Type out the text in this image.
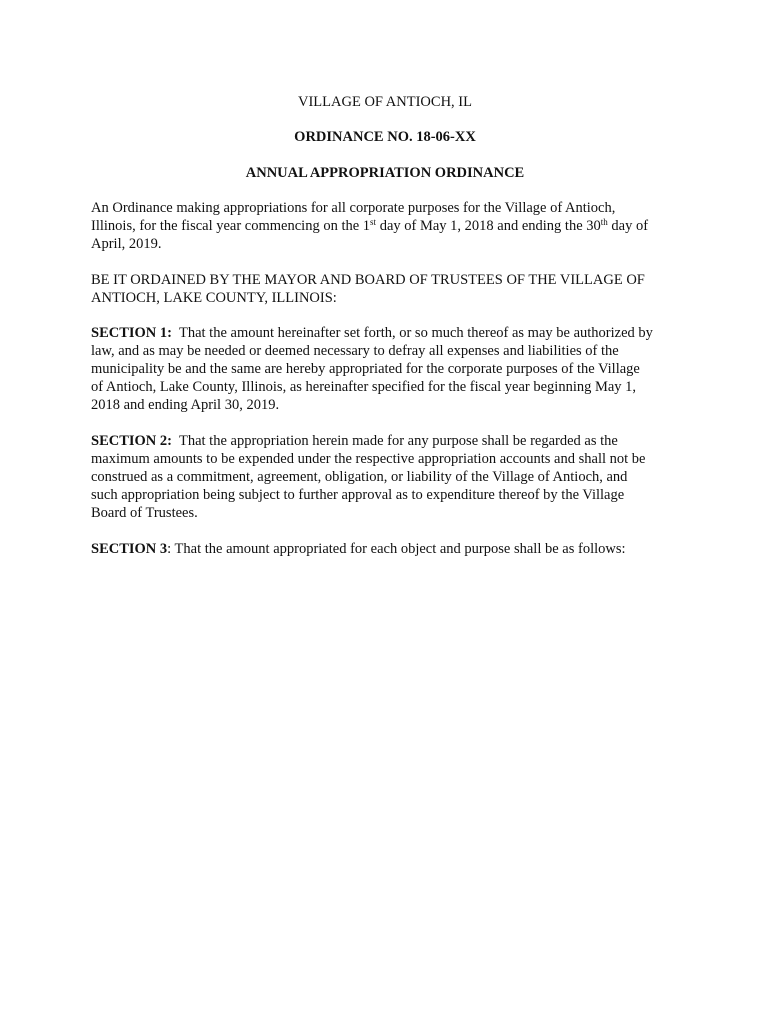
VILLAGE OF ANTIOCH, IL
ORDINANCE NO. 18-06-XX
ANNUAL APPROPRIATION ORDINANCE
An Ordinance making appropriations for all corporate purposes for the Village of Antioch,
Illinois, for the fiscal year commencing on the 1st day of May 1, 2018 and ending the 30th day of
April, 2019.
BE IT ORDAINED BY THE MAYOR AND BOARD OF TRUSTEES OF THE VILLAGE OF
ANTIOCH, LAKE COUNTY, ILLINOIS:
SECTION 1: That the amount hereinafter set forth, or so much thereof as may be authorized by
law, and as may be needed or deemed necessary to defray all expenses and liabilities of the
municipality be and the same are hereby appropriated for the corporate purposes of the Village
of Antioch, Lake County, Illinois, as hereinafter specified for the fiscal year beginning May 1,
2018 and ending April 30, 2019.
SECTION 2: That the appropriation herein made for any purpose shall be regarded as the
maximum amounts to be expended under the respective appropriation accounts and shall not be
construed as a commitment, agreement, obligation, or liability of the Village of Antioch, and
such appropriation being subject to further approval as to expenditure thereof by the Village
Board of Trustees.
SECTION 3: That the amount appropriated for each object and purpose shall be as follows:
